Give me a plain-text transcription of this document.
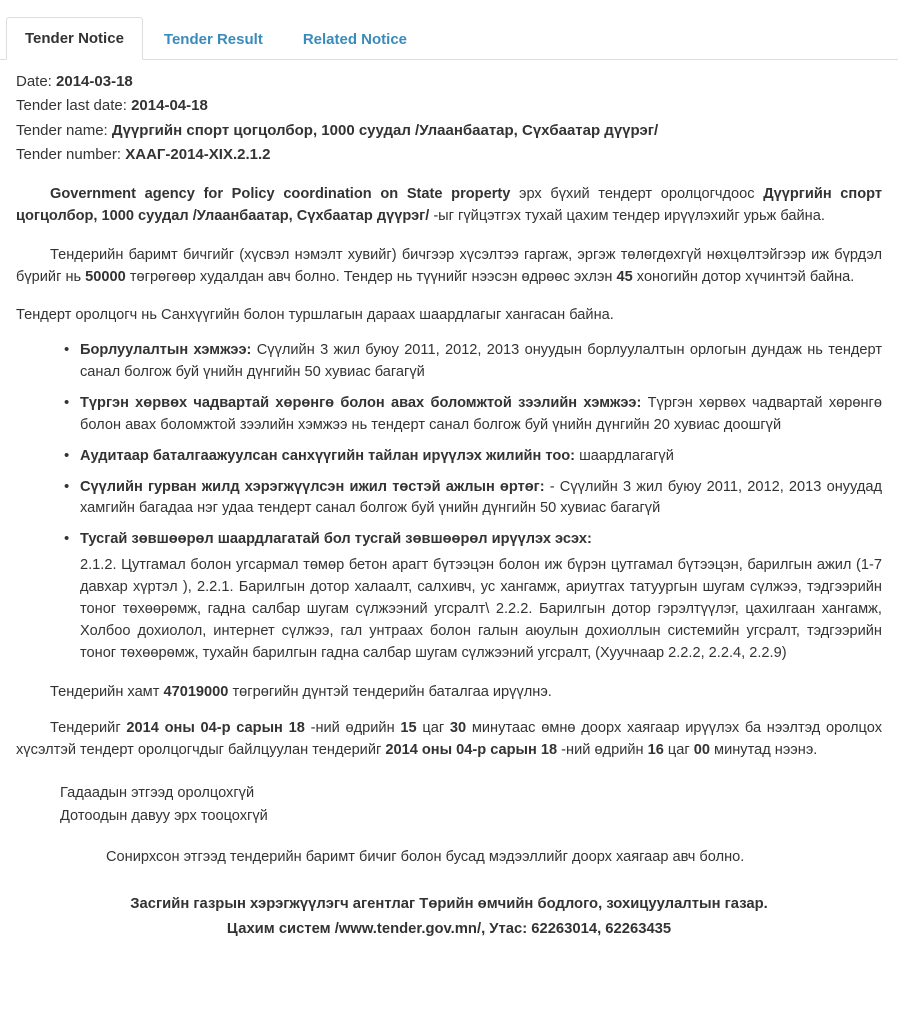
Tender Notice	Tender Result	Related Notice
Date: 2014-03-18
Tender last date: 2014-04-18
Tender name: Дүүргийн спорт цогцолбор, 1000 суудал /Улаанбаатар, Сүхбаатар дүүрэг/
Tender number: ХААГ-2014-XIX.2.1.2

Government agency for Policy coordination on State property эрх бүхий тендерт оролцогчдоос Дүүргийн спорт цогцолбор, 1000 суудал /Улаанбаатар, Сүхбаатар дүүрэг/ -ыг гүйцэтгэх тухай цахим тендер ирүүлэхийг урьж байна.

Тендерийн баримт бичгийг (хүсвэл нэмэлт хувийг) бичгээр хүсэлтээ гаргаж, эргэж төлөгдөхгүй нөхцөлтэйгээр иж бүрдэл бүрийг нь 50000 төгрөгөөр худалдан авч болно. Тендер нь түүнийг нээсэн өдрөөс эхлэн 45 хоногийн дотор хүчинтэй байна.

Тендерт оролцогч нь Санхүүгийн болон туршлагын дараах шаардлагыг хангасан байна.

• Борлуулалтын хэмжээ: Сүүлийн 3 жил буюу 2011, 2012, 2013 онуудын борлуулалтын орлогын дундаж нь тендерт санал болгож буй үнийн дүнгийн 50 хувиас багагүй
• Түргэн хөрвөх чадвартай хөрөнгө болон авах боломжтой зээлийн хэмжээ: Түргэн хөрвөх чадвартай хөрөнгө болон авах боломжтой зээлийн хэмжээ нь тендерт санал болгож буй үнийн дүнгийн 20 хувиас доошгүй
• Аудитаар баталгаажуулсан санхүүгийн тайлан ирүүлэх жилийн тоо: шаардлагагүй
• Сүүлийн гурван жилд хэрэгжүүлсэн ижил төстэй ажлын өртөг: - Сүүлийн 3 жил буюу 2011, 2012, 2013 онуудад хамгийн багадаа нэг удаа тендерт санал болгож буй үнийн дүнгийн 50 хувиас багагүй
• Тусгай зөвшөөрөл шаардлагатай бол тусгай зөвшөөрөл ирүүлэх эсэх:
2.1.2. Цутгамал болон угсармал төмөр бетон арагт бүтээцэн болон иж бүрэн цутгамал бүтээцэн, барилгын ажил (1-7 давхар хүртэл ), 2.2.1. Барилгын дотор халаалт, салхивч, ус хангамж, ариутгах татуургын шугам сүлжээ, тэдгээрийн тоног төхөөрөмж, гадна салбар шугам сүлжээний угсралт\ 2.2.2. Барилгын дотор гэрэлтүүлэг, цахилгаан хангамж, Холбоо дохиолол, интернет сүлжээ, гал унтраах болон галын аюулын дохиоллын системийн угсралт, тэдгээрийн тоног төхөөрөмж, тухайн барилгын гадна салбар шугам сүлжээний угсралт, (Хуучнаар 2.2.2, 2.2.4, 2.2.9)
Тендерийн хамт 47019000 төгрөгийн дүнтэй тендерийн баталгаа ирүүлнэ.

Тендерийг 2014 оны 04-р сарын 18 -ний өдрийн 15 цаг 30 минутаас өмнө доорх хаягаар ирүүлэх ба нээлтэд оролцох хүсэлтэй тендерт оролцогчдыг байлцуулан тендерийг 2014 оны 04-р сарын 18 -ний өдрийн 16 цаг 00 минутад нээнэ.

Гадаадын этгээд оролцохгүй
Дотоодын давуу эрх тооцохгүй
Сонирхсон этгээд тендерийн баримт бичиг болон бусад мэдээллийг доорх хаягаар авч болно.
Засгийн газрын хэрэгжүүлэгч агентлаг Төрийн өмчийн бодлого, зохицуулалтын газар.
Цахим систем /www.tender.gov.mn/, Утас: 62263014, 62263435
